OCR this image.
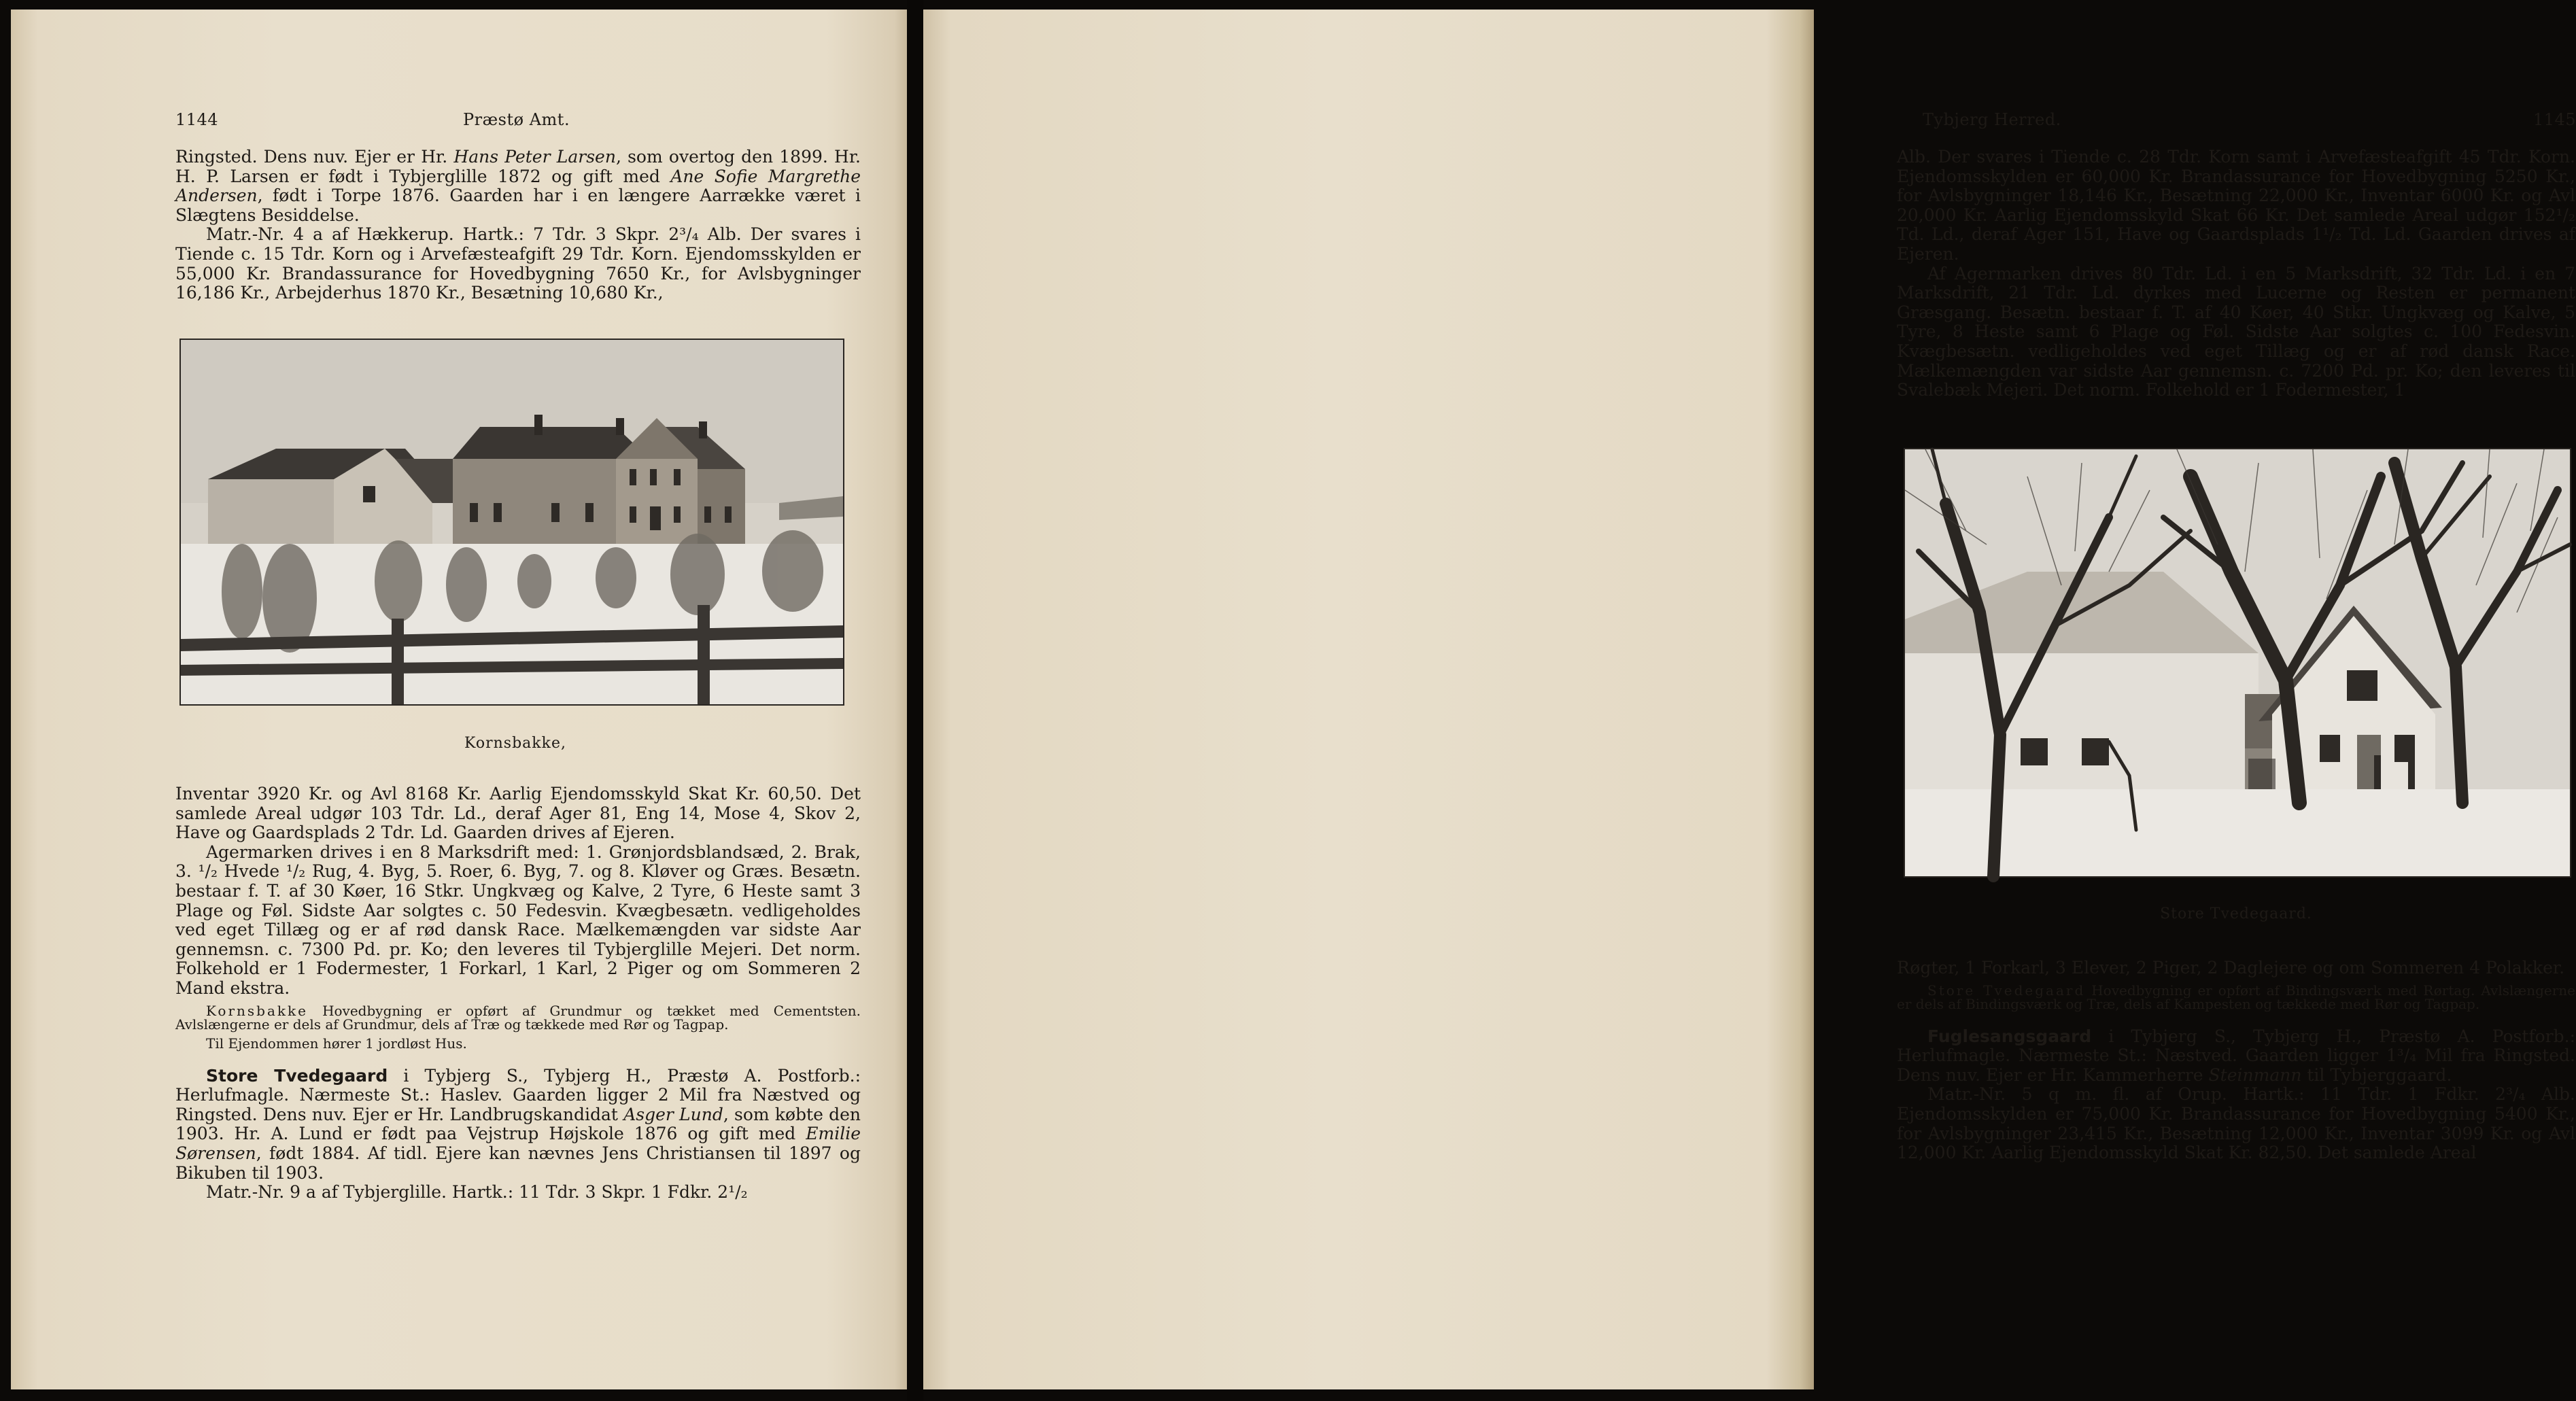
1144	Præstø Amt.

Ringsted. Dens nuv. Ejer er Hr. Hans Peter Larsen, som overtog den 1899. Hr. H. P. Larsen er født i Tybjerglille 1872 og gift med Ane Sofie Margrethe Andersen, født i Torpe 1876. Gaarden har i en længere Aarrække været i Slægtens Besiddelse.

Matr.-Nr. 4 a af Hækkerup. Hartk.: 7 Tdr. 3 Skpr. 2³/₄ Alb. Der svares i Tiende c. 15 Tdr. Korn og i Arvefæsteafgift 29 Tdr. Korn. Ejendomsskylden er 55,000 Kr. Brandassurance for Hovedbygning 7650 Kr., for Avlsbygninger 16,186 Kr., Arbejderhus 1870 Kr., Besætning 10,680 Kr.,

Kornsbakke,

Inventar 3920 Kr. og Avl 8168 Kr. Aarlig Ejendomsskyld Skat Kr. 60,50. Det samlede Areal udgør 103 Tdr. Ld., deraf Ager 81, Eng 14, Mose 4, Skov 2, Have og Gaardsplads 2 Tdr. Ld. Gaarden drives af Ejeren.

Agermarken drives i en 8 Marksdrift med: 1. Grønjordsblandsæd, 2. Brak, 3. ¹/₂ Hvede ¹/₂ Rug, 4. Byg, 5. Roer, 6. Byg, 7. og 8. Kløver og Græs. Besætn. bestaar f. T. af 30 Køer, 16 Stkr. Ungkvæg og Kalve, 2 Tyre, 6 Heste samt 3 Plage og Føl. Sidste Aar solgtes c. 50 Fedesvin. Kvægbesætn. vedligeholdes ved eget Tillæg og er af rød dansk Race. Mælkemængden var sidste Aar gennemsn. c. 7300 Pd. pr. Ko; den leveres til Tybjerglille Mejeri. Det norm. Folkehold er 1 Fodermester, 1 Forkarl, 1 Karl, 2 Piger og om Sommeren 2 Mand ekstra.

Kornsbakke Hovedbygning er opført af Grundmur og tækket med Cementsten. Avlslængerne er dels af Grundmur, dels af Træ og tækkede med Rør og Tagpap.

Til Ejendommen hører 1 jordløst Hus.

Store Tvedegaard i Tybjerg S., Tybjerg H., Præstø A. Postforb.: Herlufmagle. Nærmeste St.: Haslev. Gaarden ligger 2 Mil fra Næstved og Ringsted. Dens nuv. Ejer er Hr. Landbrugskandidat Asger Lund, som købte den 1903. Hr. A. Lund er født paa Vejstrup Højskole 1876 og gift med Emilie Sørensen, født 1884. Af tidl. Ejere kan nævnes Jens Christiansen til 1897 og Bikuben til 1903.

Matr.-Nr. 9 a af Tybjerglille. Hartk.: 11 Tdr. 3 Skpr. 1 Fdkr. 2¹/₂

Tybjerg Herred.	1145

Alb. Der svares i Tiende c. 28 Tdr. Korn samt i Arvefæsteafgift 45 Tdr. Korn. Ejendomsskylden er 60,000 Kr. Brandassurance for Hovedbygning 5250 Kr., for Avlsbygninger 18,146 Kr., Besætning 22,000 Kr., Inventar 6000 Kr. og Avl 20,000 Kr. Aarlig Ejendomsskyld Skat 66 Kr. Det samlede Areal udgør 152¹/₂ Td. Ld., deraf Ager 151, Have og Gaardsplads 1¹/₂ Td. Ld. Gaarden drives af Ejeren.

Af Agermarken drives 80 Tdr. Ld. i en 5 Marksdrift, 32 Tdr. Ld. i en 7 Marksdrift, 21 Tdr. Ld. dyrkes med Lucerne og Resten er permanent Græsgang. Besætn. bestaar f. T. af 40 Køer, 40 Stkr. Ungkvæg og Kalve, 5 Tyre, 8 Heste samt 6 Plage og Føl. Sidste Aar solgtes c. 100 Fedesvin. Kvægbesætn. vedligeholdes ved eget Tillæg og er af rød dansk Race. Mælkemængden var sidste Aar gennemsn. c. 7200 Pd. pr. Ko; den leveres til Svalebæk Mejeri. Det norm. Folkehold er 1 Fodermester, 1

Store Tvedegaard.

Røgter, 1 Forkarl, 3 Elever, 2 Piger, 2 Daglejere og om Sommeren 4 Polakker.

Store Tvedegaard Hovedbygning er opført af Bindingsværk med Rørtag. Avlslængerne er dels af Bindingsværk og Træ, dels af Kampesten og tækkede med Rør og Tagpap.

Fuglesangsgaard i Tybjerg S., Tybjerg H., Præstø A. Postforb.: Herlufmagle. Nærmeste St.: Næstved. Gaarden ligger 1³/₄ Mil fra Ringsted. Dens nuv. Ejer er Hr. Kammerherre Steinmann til Tybjerggaard.

Matr.-Nr. 5 q m. fl. af Orup. Hartk.: 11 Tdr. 1 Fdkr. 2³/₄ Alb. Ejendomsskylden er 75,000 Kr. Brandassurance for Hovedbygning 5400 Kr., for Avlsbygninger 23,415 Kr., Besætning 12,000 Kr., Inventar 3099 Kr. og Avl 12,000 Kr. Aarlig Ejendomsskyld Skat Kr. 82,50. Det samlede Areal
